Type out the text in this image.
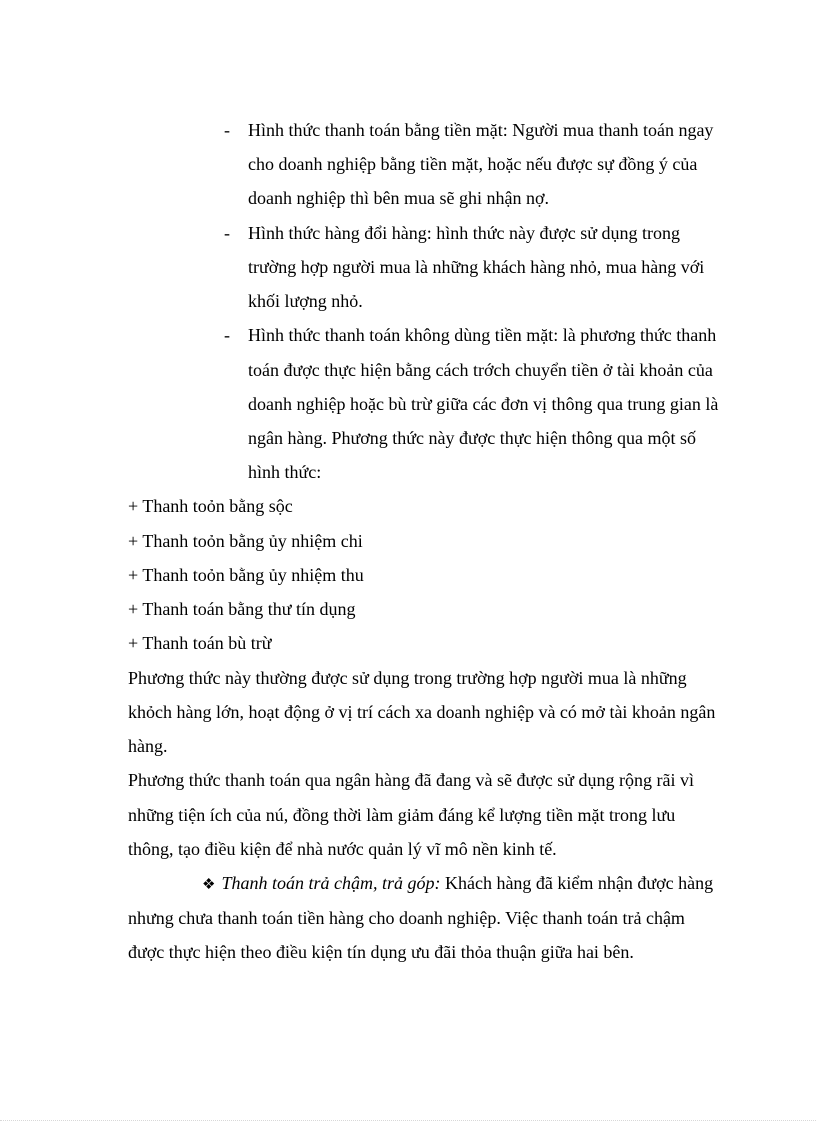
- Hình thức thanh toán bằng tiền mặt: Người mua thanh toán ngay
cho doanh nghiệp bằng tiền mặt, hoặc nếu được sự đồng ý của
doanh nghiệp thì bên mua sẽ ghi nhận nợ.
- Hình thức hàng đổi hàng: hình thức này được sử dụng trong
trường hợp người mua là những khách hàng nhỏ, mua hàng với
khối lượng nhỏ.
- Hình thức thanh toán không dùng tiền mặt: là phương thức thanh
toán được thực hiện bằng cách trớch chuyển tiền ở tài khoản của
doanh nghiệp hoặc bù trừ giữa các đơn vị thông qua trung gian là
ngân hàng. Phương thức này được thực hiện thông qua một số
hình thức:
+ Thanh toỏn bằng sộc
+ Thanh toỏn bằng ủy nhiệm chi
+ Thanh toỏn bằng ủy nhiệm thu
+ Thanh toán bằng thư tín dụng
+ Thanh toán bù trừ
Phương thức này thường được sử dụng trong trường hợp người mua là những
khỏch hàng lớn, hoạt động ở vị trí cách xa doanh nghiệp và có mở tài khoản ngân
hàng.
Phương thức thanh toán qua ngân hàng đã đang và sẽ được sử dụng rộng rãi vì
những tiện ích của nú, đồng thời làm giảm đáng kể lượng tiền mặt trong lưu
thông, tạo điều kiện để nhà nước quản lý vĩ mô nền kinh tế.
❖ Thanh toán trả chậm, trả góp: Khách hàng đã kiểm nhận được hàng
nhưng chưa thanh toán tiền hàng cho doanh nghiệp. Việc thanh toán trả chậm
được thực hiện theo điều kiện tín dụng ưu đãi thỏa thuận giữa hai bên.
